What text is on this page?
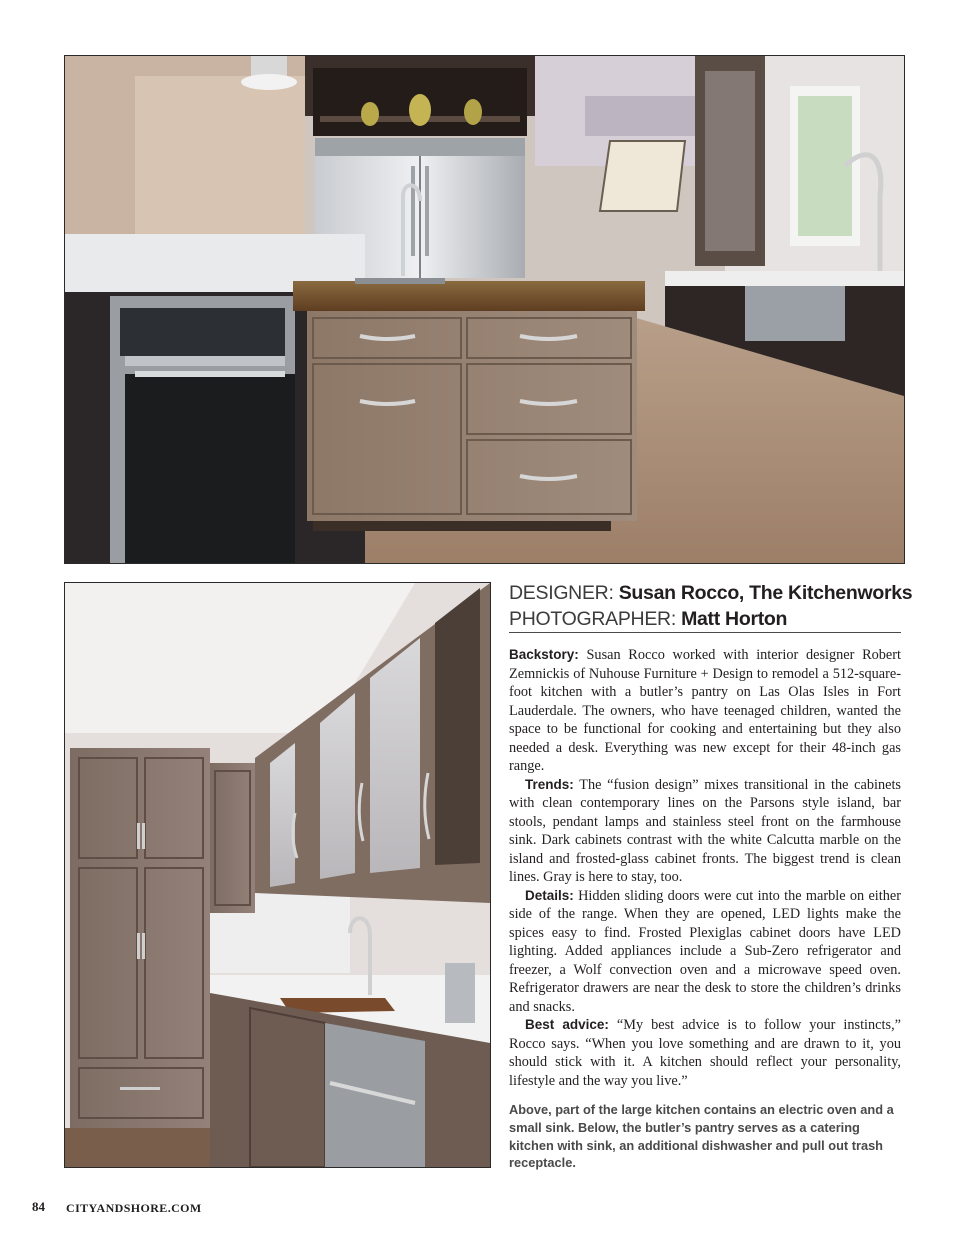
DESIGNER: Susan Rocco, The Kitchenworks
PHOTOGRAPHER: Matt Horton

Backstory: Susan Rocco worked with interior designer Robert Zemnickis of Nuhouse Furniture + Design to remodel a 512-square-foot kitchen with a butler’s pantry on Las Olas Isles in Fort Lauderdale. The owners, who have teenaged children, wanted the space to be functional for cooking and entertaining but they also needed a desk. Everything was new except for their 48-inch gas range.

Trends: The “fusion design” mixes transitional in the cabinets with clean contemporary lines on the Parsons style island, bar stools, pendant lamps and stainless steel front on the farmhouse sink. Dark cabinets contrast with the white Calcutta marble on the island and frosted-glass cabinet fronts. The biggest trend is clean lines. Gray is here to stay, too.

Details: Hidden sliding doors were cut into the marble on either side of the range. When they are opened, LED lights make the spices easy to find. Frosted Plexiglas cabinet doors have LED lighting. Added appliances include a Sub-Zero refrigerator and freezer, a Wolf convection oven and a microwave speed oven. Refrigerator drawers are near the desk to store the children’s drinks and snacks.

Best advice: “My best advice is to follow your instincts,” Rocco says. “When you love something and are drawn to it, you should stick with it. A kitchen should reflect your personality, lifestyle and the way you live.”

Above, part of the large kitchen contains an electric oven and a small sink. Below, the butler’s pantry serves as a catering kitchen with sink, an additional dishwasher and pull out trash receptacle.
84 CITYANDSHORE.COM
